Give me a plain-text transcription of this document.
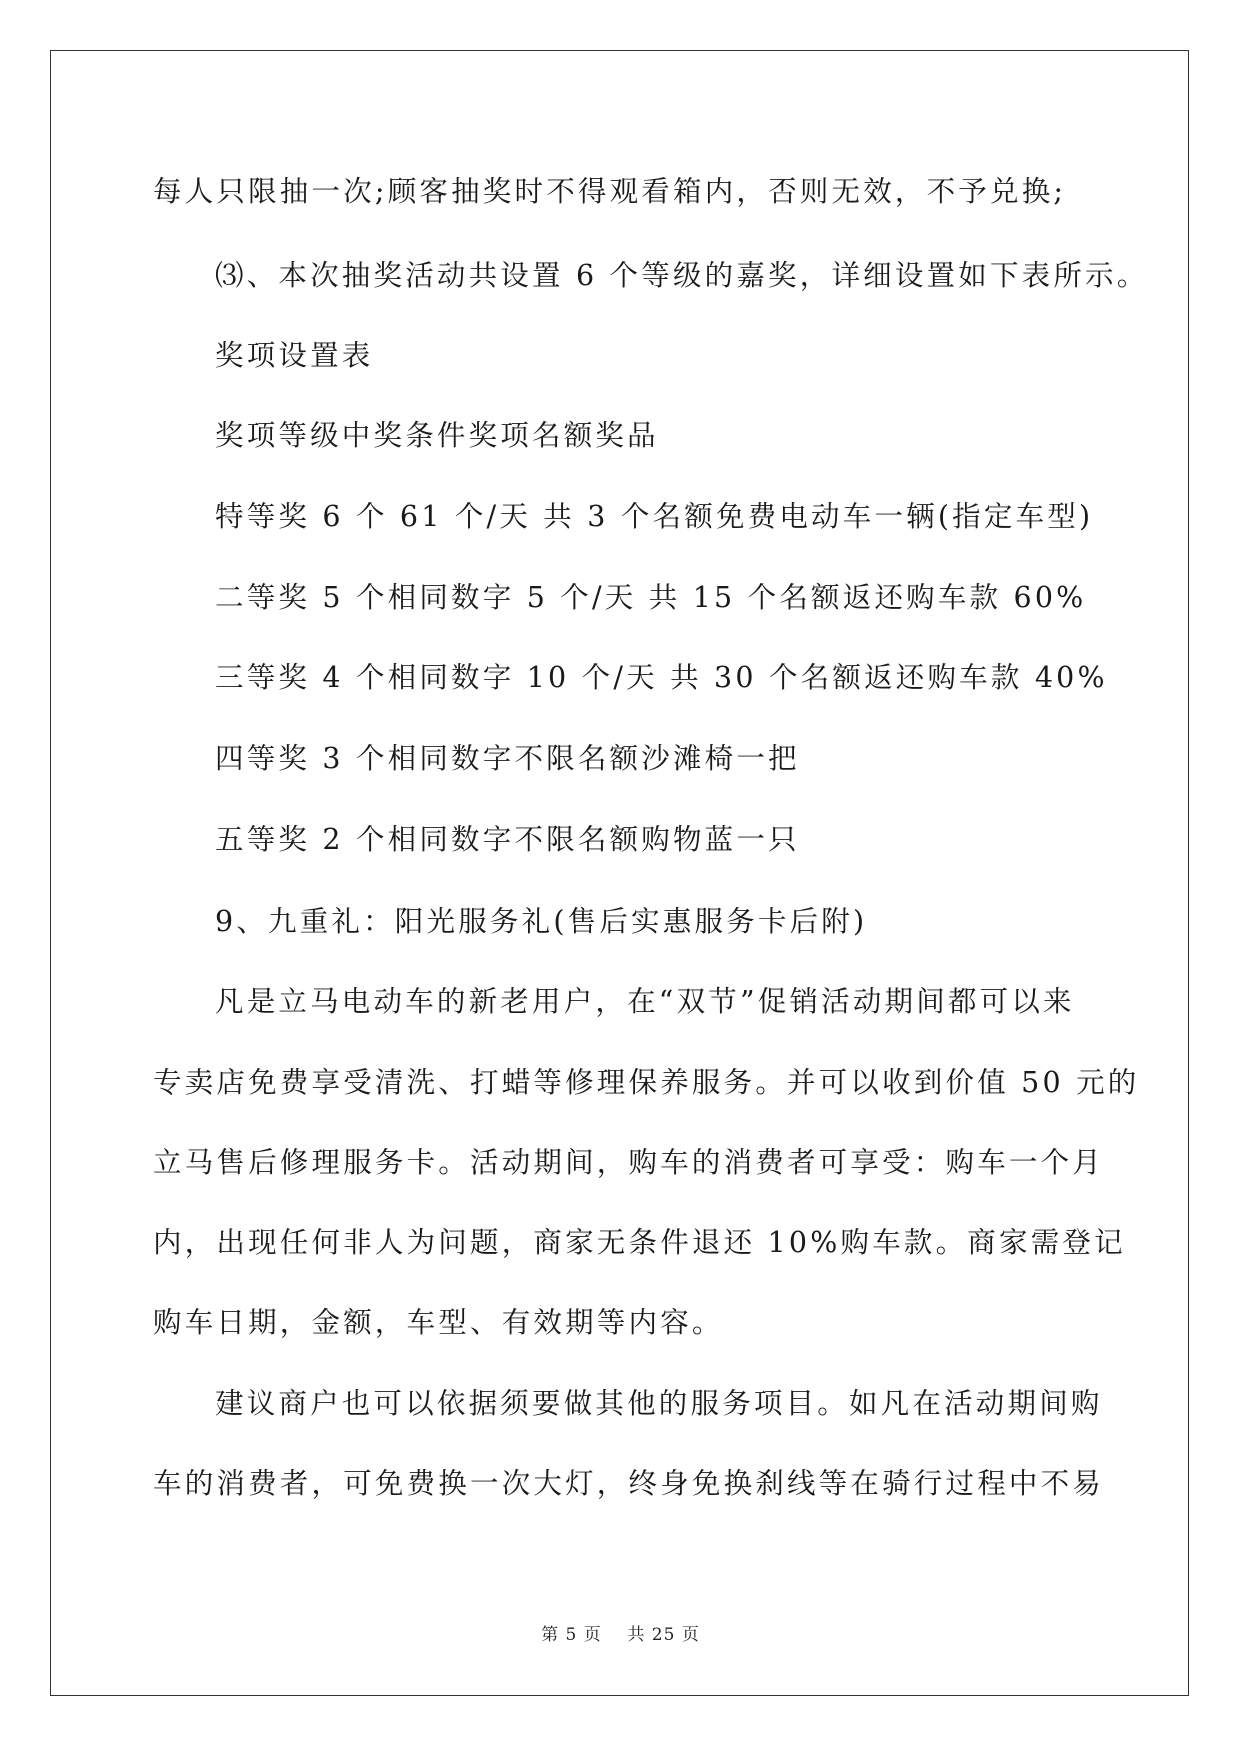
每人只限抽一次;顾客抽奖时不得观看箱内，否则无效，不予兑换;
⑶、本次抽奖活动共设置 6 个等级的嘉奖，详细设置如下表所示。
奖项设置表
奖项等级中奖条件奖项名额奖品
特等奖 6 个 61 个/天 共 3 个名额免费电动车一辆(指定车型)
二等奖 5 个相同数字 5 个/天 共 15 个名额返还购车款 60%
三等奖 4 个相同数字 10 个/天 共 30 个名额返还购车款 40%
四等奖 3 个相同数字不限名额沙滩椅一把
五等奖 2 个相同数字不限名额购物蓝一只
9、九重礼：阳光服务礼(售后实惠服务卡后附)
凡是立马电动车的新老用户，在“双节”促销活动期间都可以来
专卖店免费享受清洗、打蜡等修理保养服务。并可以收到价值 50 元的
立马售后修理服务卡。活动期间，购车的消费者可享受：购车一个月
内，出现任何非人为问题，商家无条件退还 10%购车款。商家需登记
购车日期，金额，车型、有效期等内容。
建议商户也可以依据须要做其他的服务项目。如凡在活动期间购
车的消费者，可免费换一次大灯，终身免换刹线等在骑行过程中不易
第 5 页    共 25 页
